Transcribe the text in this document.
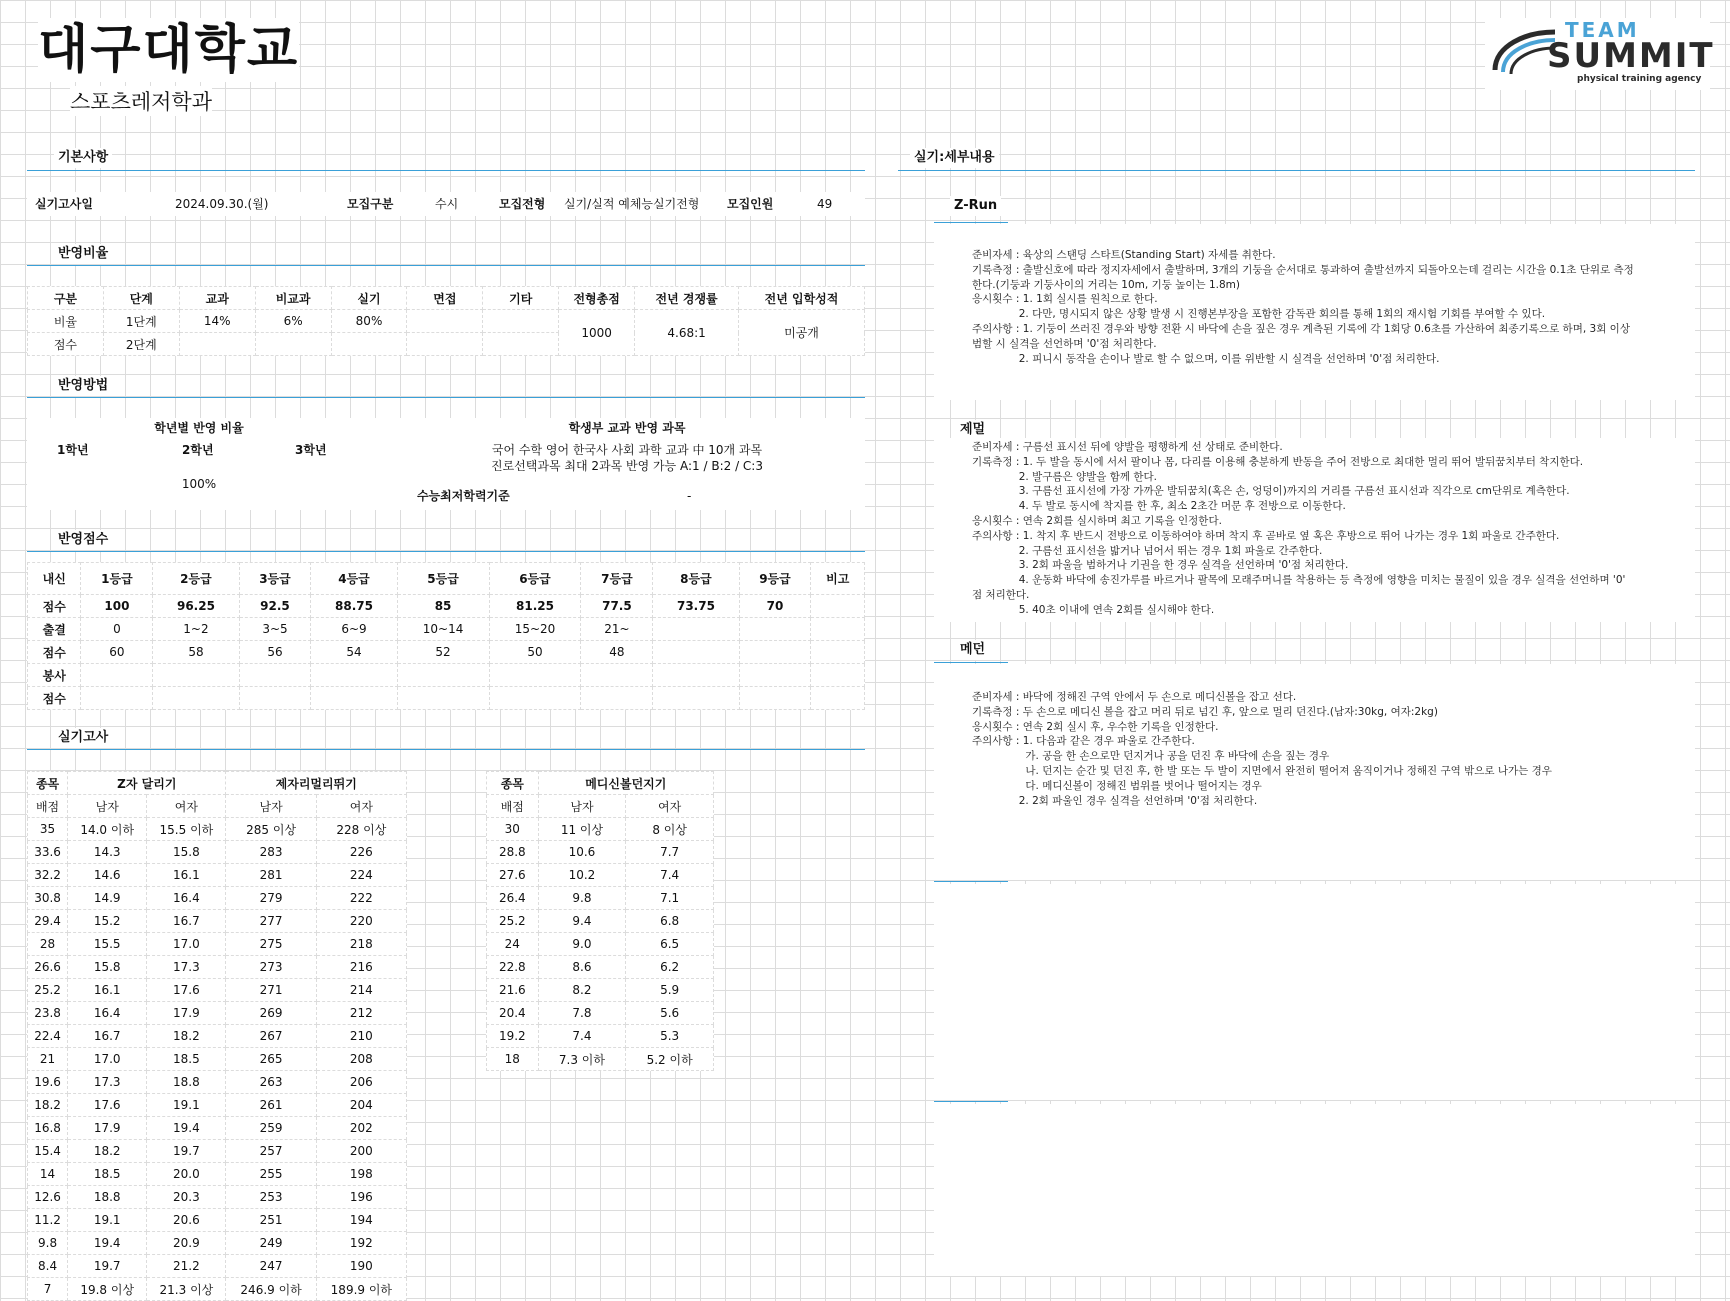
대구대학교
스포츠레저학과
TEAM
SUMMIT
physical training agency
기본사항
반영비율
반영방법
반영점수
실기고사
실기고사일	2024.09.30.(월)	모집구분	수시	모집전형 실기/실적 예체능실기전형 모집인원	49
구분	단계	교과	비교과	실기	면접	기타	전형총점	전년 경쟁률	전년 입학성적
비율	1단계	14%	6%	80%			1000	4.68:1	미공개
점수	2단계								
학년별 반영 비율
1학년	2학년	3학년
100%
학생부 교과 반영 과목
국어 수학 영어 한국사 사회 과학 교과 中 10개 과목
진로선택과목 최대 2과목 반영 가능 A:1 / B:2 / C:3
수능최저학력기준	-
내신	1등급	2등급	3등급	4등급	5등급	6등급	7등급	8등급	9등급	비고
점수	100	96.25	92.5	88.75	85	81.25	77.5	73.75	70	
출결	0	1~2	3~5	6~9	10~14	15~20	21~			
점수	60	58	56	54	52	50	48			
봉사										
점수										
종목	Z자 달리기		제자리멀리뛰기	
배점	남자	여자	남자	여자
35	14.0 이하	15.5 이하	285 이상	228 이상
33.6	14.3	15.8	283	226
32.2	14.6	16.1	281	224
30.8	14.9	16.4	279	222
29.4	15.2	16.7	277	220
28	15.5	17.0	275	218
26.6	15.8	17.3	273	216
25.2	16.1	17.6	271	214
23.8	16.4	17.9	269	212
22.4	16.7	18.2	267	210
21	17.0	18.5	265	208
19.6	17.3	18.8	263	206
18.2	17.6	19.1	261	204
16.8	17.9	19.4	259	202
15.4	18.2	19.7	257	200
14	18.5	20.0	255	198
12.6	18.8	20.3	253	196
11.2	19.1	20.6	251	194
9.8	19.4	20.9	249	192
8.4	19.7	21.2	247	190
7	19.8 이상	21.3 이상	246.9 이하	189.9 이하
종목	메디신볼던지기	
배점	남자	여자
30	11 이상	8 이상
28.8	10.6	7.7
27.6	10.2	7.4
26.4	9.8	7.1
25.2	9.4	6.8
24	9.0	6.5
22.8	8.6	6.2
21.6	8.2	5.9
20.4	7.8	5.6
19.2	7.4	5.3
18	7.3 이하	5.2 이하
실기:세부내용
Z-Run
준비자세 : 육상의 스탠딩 스타트(Standing Start) 자세를 취한다.
기록측정 : 출발신호에 따라 정지자세에서 출발하며, 3개의 기둥을 순서대로 통과하여 출발선까지 되돌아오는데 걸리는 시간을 0.1초 단위로 측정
한다.(기둥과 기둥사이의 거리는 10m, 기둥 높이는 1.8m)
응시횟수 : 1. 1회 실시를 원칙으로 한다.
2. 다만, 명시되지 않은 상황 발생 시 진행본부장을 포함한 감독관 회의를 통해 1회의 재시험 기회를 부여할 수 있다.
주의사항 : 1. 기둥이 쓰러진 경우와 방향 전환 시 바닥에 손을 짚은 경우 계측된 기록에 각 1회당 0.6초를 가산하여 최종기록으로 하며, 3회 이상
범할 시 실격을 선언하며 '0'점 처리한다.
2. 피니시 동작을 손이나 발로 할 수 없으며, 이를 위반할 시 실격을 선언하며 '0'점 처리한다.
제멀
준비자세 : 구름선 표시선 뒤에 양발을 평행하게 선 상태로 준비한다.
기록측정 : 1. 두 발을 동시에 서서 팔이나 몸, 다리를 이용해 충분하게 반동을 주어 전방으로 최대한 멀리 뛰어 발뒤꿈치부터 착지한다.
2. 발구름은 양발을 함께 한다.
3. 구름선 표시선에 가장 가까운 발뒤꿈치(혹은 손, 엉덩이)까지의 거리를 구름선 표시선과 직각으로 cm단위로 계측한다.
4. 두 발로 동시에 착지를 한 후, 최소 2초간 머문 후 전방으로 이동한다.
응시횟수 : 연속 2회를 실시하며 최고 기록을 인정한다.
주의사항 : 1. 착지 후 반드시 전방으로 이동하여야 하며 착지 후 곧바로 옆 혹은 후방으로 뛰어 나가는 경우 1회 파울로 간주한다.
2. 구름선 표시선을 밟거나 넘어서 뛰는 경우 1회 파울로 간주한다.
3. 2회 파울을 범하거나 기권을 한 경우 실격을 선언하며 '0'점 처리한다.
4. 운동화 바닥에 송진가루를 바르거나 팔목에 모래주머니를 착용하는 등 측정에 영향을 미치는 물질이 있을 경우 실격을 선언하며 '0'
점 처리한다.
5. 40초 이내에 연속 2회를 실시해야 한다.
메던
준비자세 : 바닥에 정해진 구역 안에서 두 손으로 메디신볼을 잡고 선다.
기록측정 : 두 손으로 메디신 볼을 잡고 머리 뒤로 넘긴 후, 앞으로 멀리 던진다.(남자:30kg, 여자:2kg)
응시횟수 : 연속 2회 실시 후, 우수한 기록을 인정한다.
주의사항 : 1. 다음과 같은 경우 파울로 간주한다.
가. 공을 한 손으로만 던지거나 공을 던진 후 바닥에 손을 짚는 경우
나. 던지는 순간 및 던진 후, 한 발 또는 두 발이 지면에서 완전히 떨어져 움직이거나 정해진 구역 밖으로 나가는 경우
다. 메디신볼이 정해진 범위를 벗어나 떨어지는 경우
2. 2회 파울인 경우 실격을 선언하며 '0'점 처리한다.
